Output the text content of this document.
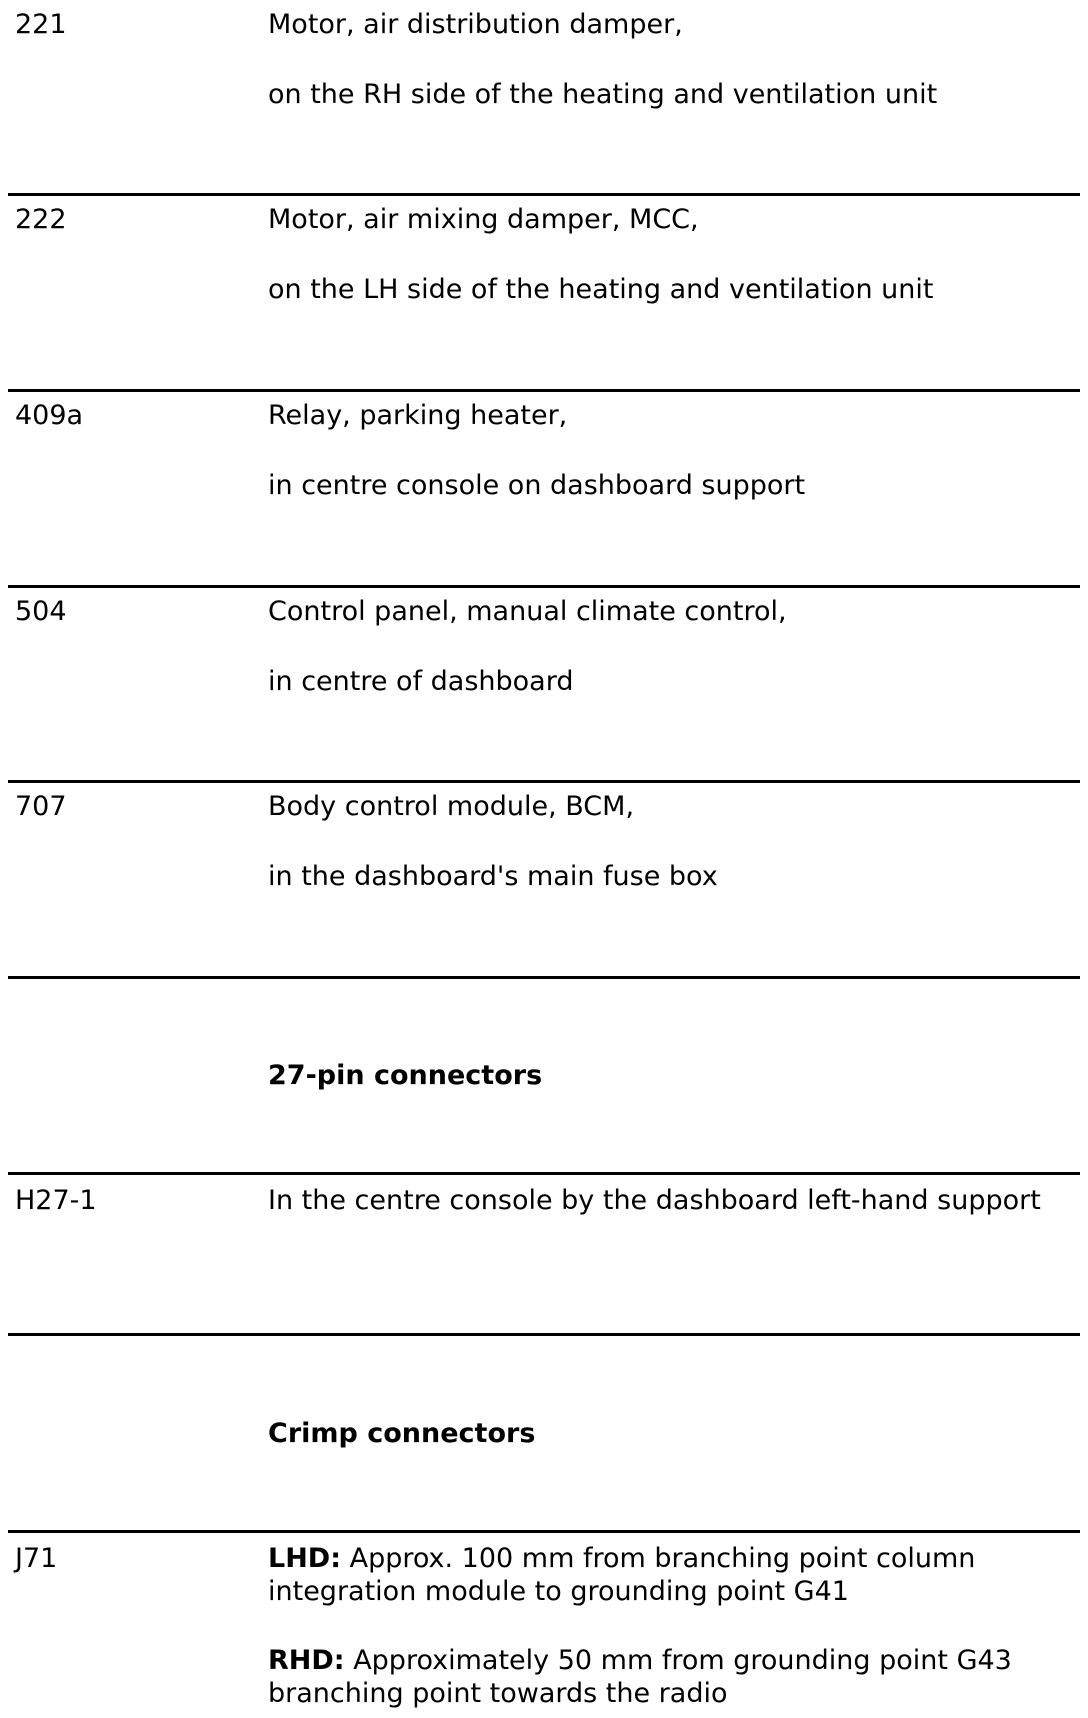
221	Motor, air distribution damper,
on the RH side of the heating and ventilation unit
222	Motor, air mixing damper, MCC,
on the LH side of the heating and ventilation unit
409a	Relay, parking heater,
in centre console on dashboard support
504	Control panel, manual climate control,
in centre of dashboard
707	Body control module, BCM,
in the dashboard's main fuse box
27-pin connectors
H27-1	In the centre console by the dashboard left-hand support
Crimp connectors
J71	LHD: Approx. 100 mm from branching point column integration module to grounding point G41
RHD: Approximately 50 mm from grounding point G43 branching point towards the radio
